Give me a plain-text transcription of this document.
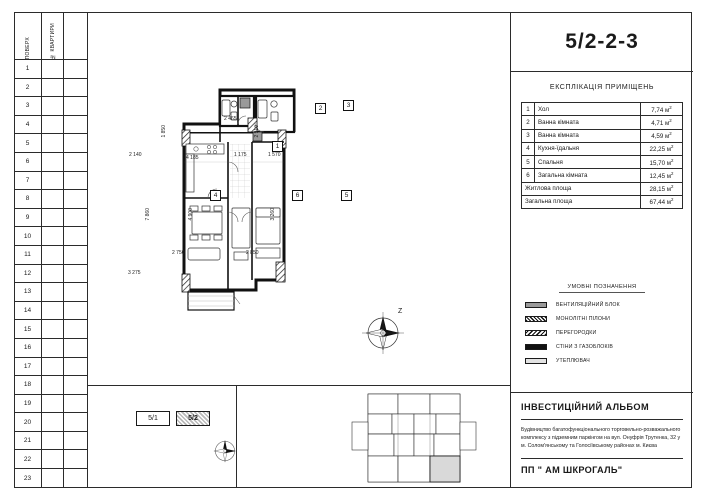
ПОВЕРХ	№ КВАРТИРИ
1
2
3
4
5
6
7
8
9
10
11
12
13
14
15
16
17
18
19
20
21
22
23
1
2	3
4	5
6
2 140	4 185	1 175	1 570
1 850	2 910
2 465
7 860	4 900	3 260
2 750	2 850
3 275
Z
5/1	5/2
5/2-2-3
ЕКСПЛІКАЦІЯ ПРИМІЩЕНЬ
1	Хол	7,74 $м^2$
2	Ванна кімната	4,71 $м^2$
3	Ванна кімната	4,59 $м^2$
4	Кухня-їдальня	22,25 $м^2$
5	Спальня	15,70 $м^2$
6	Загальна кімната	12,45 $м^2$
Житлова площа		28,15 $м^2$
Загальна площа		67,44 $м^2$
УМОВНІ ПОЗНАЧЕННЯ
ВЕНТИЛЯЦІЙНИЙ БЛОК
МОНОЛІТНІ ПІЛОНИ
ПЕРЕГОРОДКИ
СТІНИ З ГАЗОБЛОКІВ
УТЕПЛЮВАЧ
ІНВЕСТИЦІЙНИЙ АЛЬБОМ
Будівництво багатофункціонального торговельно-розважального комплексу з підземним паркінгом на вул. Онуфрія Трутенка, 32 у м. Солом'янському та Голосіївському районах м. Києва
ПП " АМ ШКРОГАЛЬ"
